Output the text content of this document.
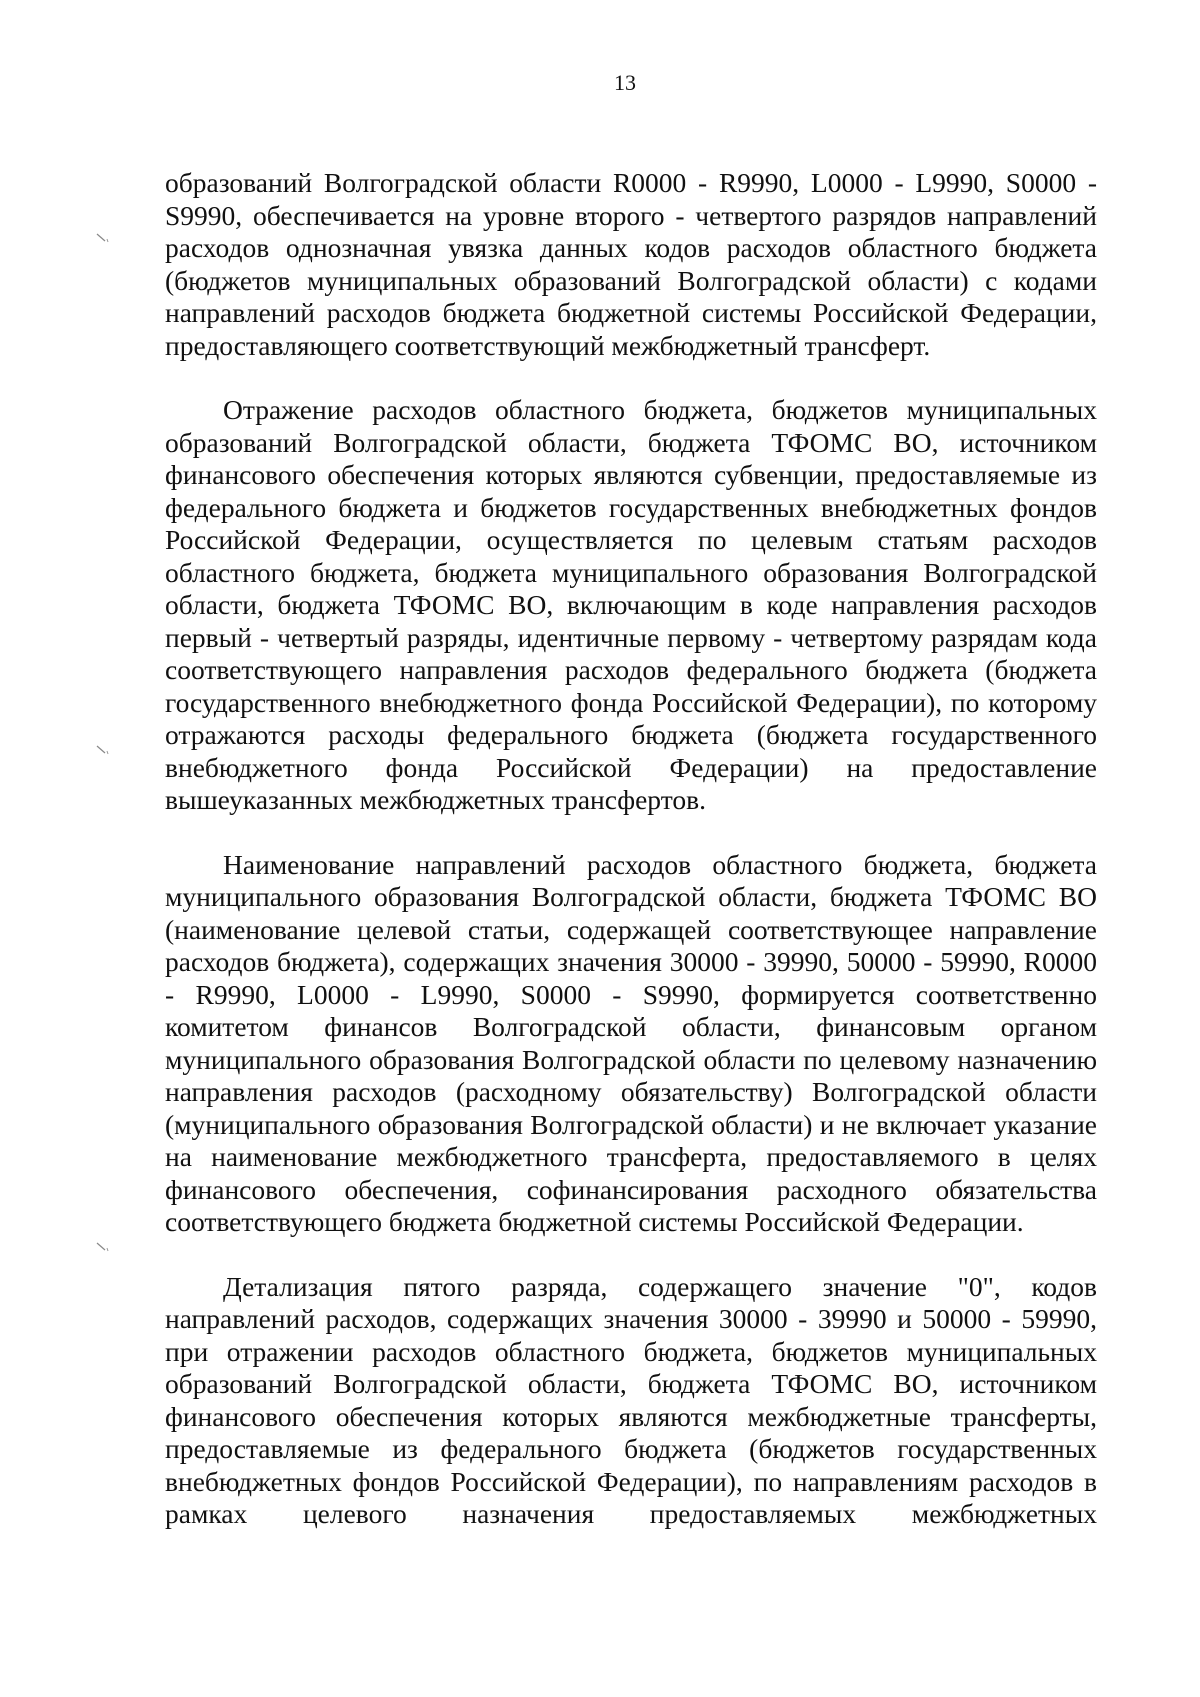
13

образований Волгоградской области R0000 - R9990, L0000 - L9990, S0000 - S9990, обеспечивается на уровне второго - четвертого разрядов направлений расходов однозначная увязка данных кодов расходов областного бюджета (бюджетов муниципальных образований Волгоградской области) с кодами направлений расходов бюджета бюджетной системы Российской Федерации, предоставляющего соответствующий межбюджетный трансферт.

Отражение расходов областного бюджета, бюджетов муниципальных образований Волгоградской области, бюджета ТФОМС ВО, источником финансового обеспечения которых являются субвенции, предоставляемые из федерального бюджета и бюджетов государственных внебюджетных фондов Российской Федерации, осуществляется по целевым статьям расходов областного бюджета, бюджета муниципального образования Волгоградской области, бюджета ТФОМС ВО, включающим в коде направления расходов первый - четвертый разряды, идентичные первому - четвертому разрядам кода соответствующего направления расходов федерального бюджета (бюджета государственного внебюджетного фонда Российской Федерации), по которому отражаются расходы федерального бюджета (бюджета государственного внебюджетного фонда Российской Федерации) на предоставление вышеуказанных межбюджетных трансфертов.

Наименование направлений расходов областного бюджета, бюджета муниципального образования Волгоградской области, бюджета ТФОМС ВО (наименование целевой статьи, содержащей соответствующее направление расходов бюджета), содержащих значения 30000 - 39990, 50000 - 59990, R0000 - R9990, L0000 - L9990, S0000 - S9990, формируется соответственно комитетом финансов Волгоградской области, финансовым органом муниципального образования Волгоградской области по целевому назначению направления расходов (расходному обязательству) Волгоградской области (муниципального образования Волгоградской области) и не включает указание на наименование межбюджетного трансферта, предоставляемого в целях финансового обеспечения, софинансирования расходного обязательства соответствующего бюджета бюджетной системы Российской Федерации.

Детализация пятого разряда, содержащего значение "0", кодов направлений расходов, содержащих значения 30000 - 39990 и 50000 - 59990, при отражении расходов областного бюджета, бюджетов муниципальных образований Волгоградской области, бюджета ТФОМС ВО, источником финансового обеспечения которых являются межбюджетные трансферты, предоставляемые из федерального бюджета (бюджетов государственных внебюджетных фондов Российской Федерации), по направлениям расходов в рамках целевого назначения предоставляемых межбюджетных
